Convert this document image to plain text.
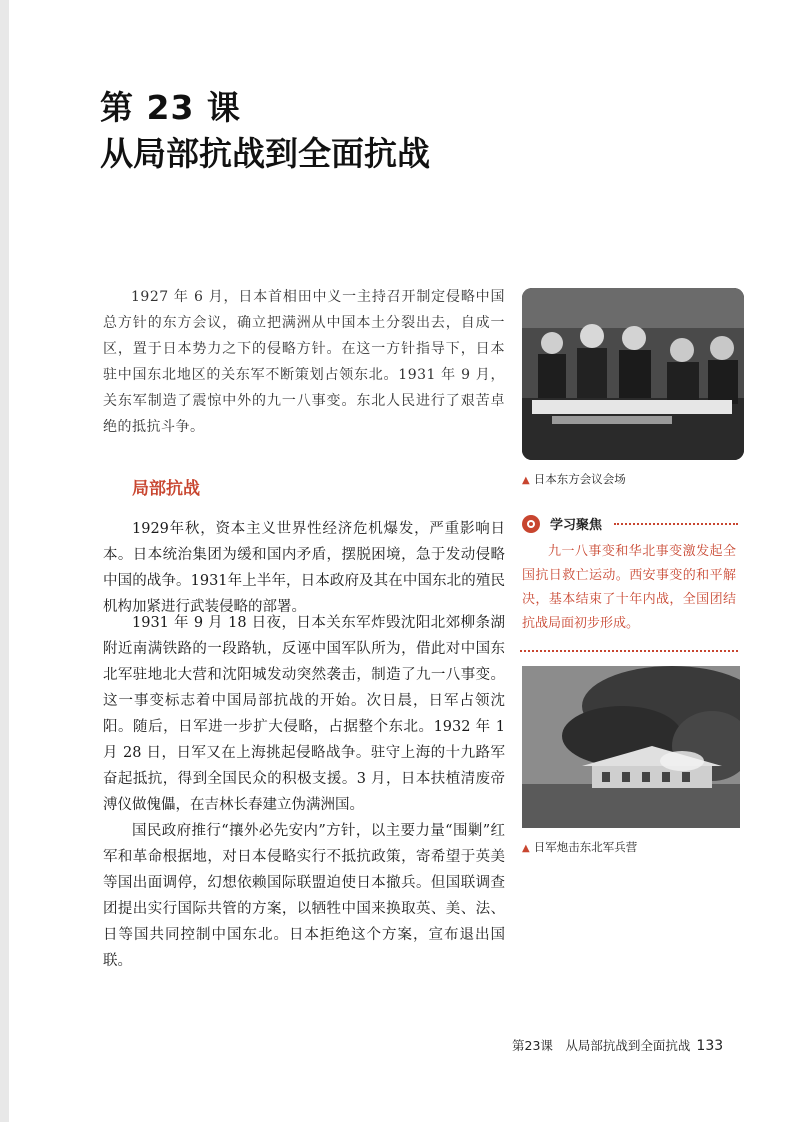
第 23 课
从局部抗战到全面抗战

1927 年 6 月，日本首相田中义一主持召开制定侵略中国总方针的东方会议，确立把满洲从中国本土分裂出去，自成一区，置于日本势力之下的侵略方针。在这一方针指导下，日本驻中国东北地区的关东军不断策划占领东北。1931 年 9 月，关东军制造了震惊中外的九一八事变。东北人民进行了艰苦卓绝的抵抗斗争。

局部抗战

1929年秋，资本主义世界性经济危机爆发，严重影响日本。日本统治集团为缓和国内矛盾，摆脱困境，急于发动侵略中国的战争。1931年上半年，日本政府及其在中国东北的殖民机构加紧进行武装侵略的部署。

1931 年 9 月 18 日夜，日本关东军炸毁沈阳北郊柳条湖附近南满铁路的一段路轨，反诬中国军队所为，借此对中国东北军驻地北大营和沈阳城发动突然袭击，制造了九一八事变。这一事变标志着中国局部抗战的开始。次日晨，日军占领沈阳。随后，日军进一步扩大侵略，占据整个东北。1932 年 1 月 28 日，日军又在上海挑起侵略战争。驻守上海的十九路军奋起抵抗，得到全国民众的积极支援。3 月，日本扶植清废帝溥仪做傀儡，在吉林长春建立伪满洲国。

国民政府推行“攘外必先安内”方针，以主要力量“围剿”红军和革命根据地，对日本侵略实行不抵抗政策，寄希望于英美等国出面调停，幻想依赖国际联盟迫使日本撤兵。但国联调查团提出实行国际共管的方案，以牺牲中国来换取英、美、法、日等国共同控制中国东北。日本拒绝这个方案，宣布退出国联。

▲ 日本东方会议会场
学习聚焦

九一八事变和华北事变激发起全国抗日救亡运动。西安事变的和平解决，基本结束了十年内战，全国团结抗战局面初步形成。

▲ 日军炮击东北军兵营
第23课　从局部抗战到全面抗战 133
